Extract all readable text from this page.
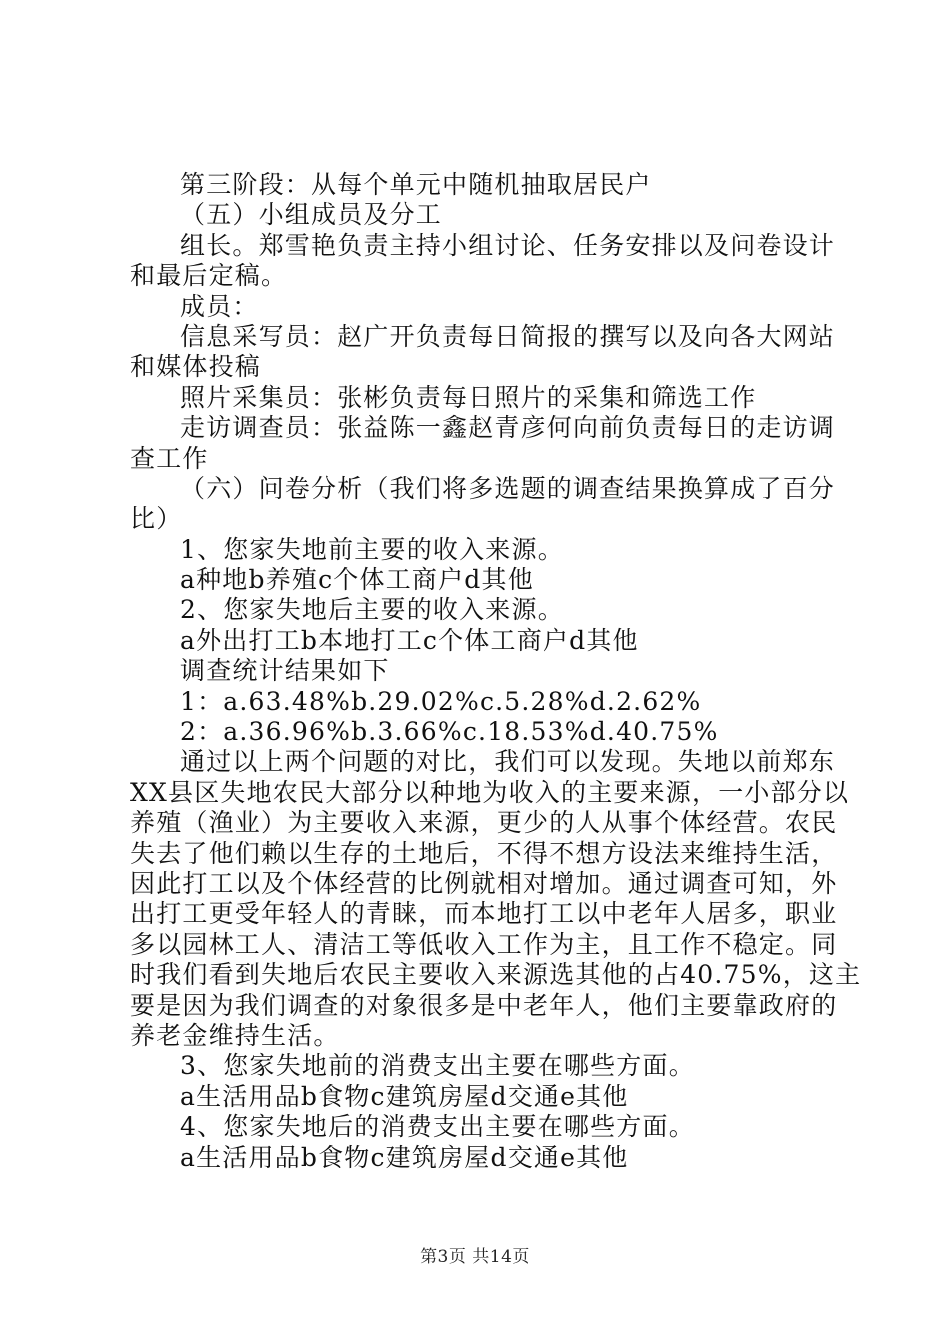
第三阶段：从每个单元中随机抽取居民户
（五）小组成员及分工
组长。郑雪艳负责主持小组讨论、任务安排以及问卷设计
和最后定稿。
成员：
信息采写员：赵广开负责每日简报的撰写以及向各大网站
和媒体投稿
照片采集员：张彬负责每日照片的采集和筛选工作
走访调查员：张益陈一鑫赵青彦何向前负责每日的走访调
查工作
（六）问卷分析（我们将多选题的调查结果换算成了百分
比）
1、您家失地前主要的收入来源。
a种地b养殖c个体工商户d其他
2、您家失地后主要的收入来源。
a外出打工b本地打工c个体工商户d其他
调查统计结果如下
1：a.63.48%b.29.02%c.5.28%d.2.62%
2：a.36.96%b.3.66%c.18.53%d.40.75%
通过以上两个问题的对比，我们可以发现。失地以前郑东
XX县区失地农民大部分以种地为收入的主要来源，一小部分以
养殖（渔业）为主要收入来源，更少的人从事个体经营。农民
失去了他们赖以生存的土地后，不得不想方设法来维持生活，
因此打工以及个体经营的比例就相对增加。通过调查可知，外
出打工更受年轻人的青睐，而本地打工以中老年人居多，职业
多以园林工人、清洁工等低收入工作为主，且工作不稳定。同
时我们看到失地后农民主要收入来源选其他的占40.75%，这主
要是因为我们调查的对象很多是中老年人，他们主要靠政府的
养老金维持生活。
3、您家失地前的消费支出主要在哪些方面。
a生活用品b食物c建筑房屋d交通e其他
4、您家失地后的消费支出主要在哪些方面。
a生活用品b食物c建筑房屋d交通e其他
第3页 共14页
